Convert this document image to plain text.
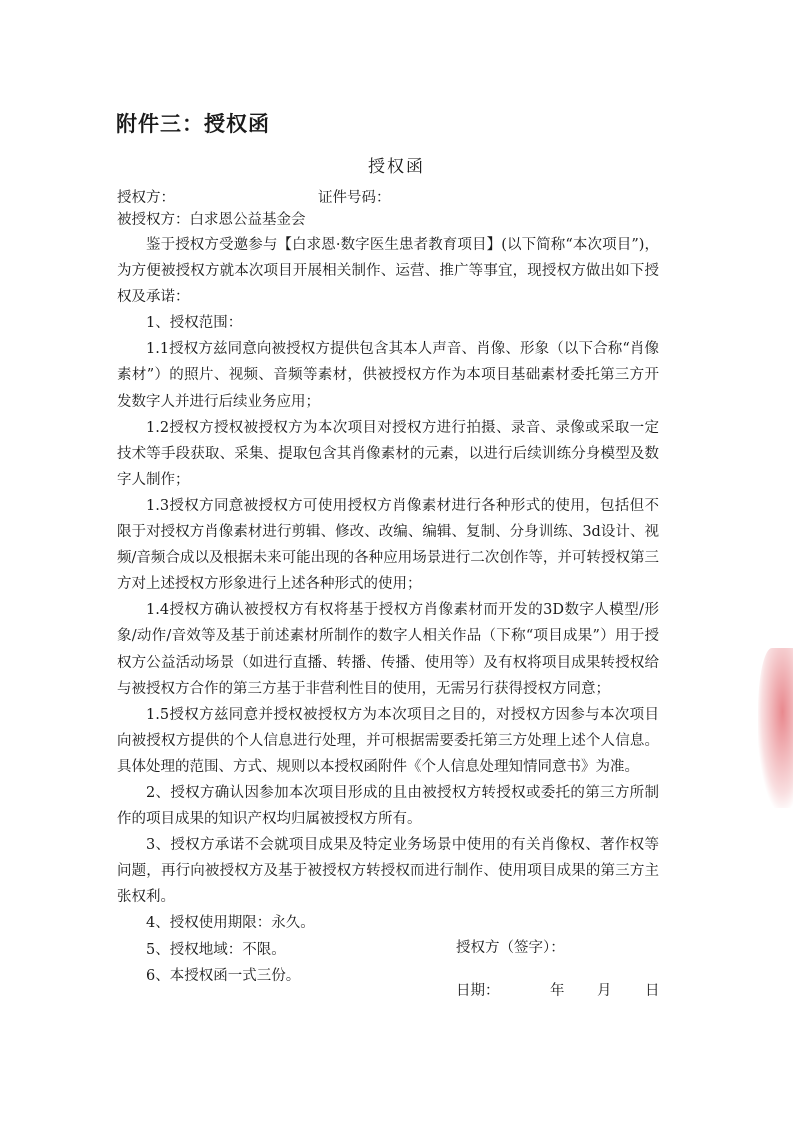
附件三：授权函
授权函
授权方：	证件号码：
被授权方：白求恩公益基金会

鉴于授权方受邀参与【白求恩·数字医生患者教育项目】(以下简称“本次项目”)，为方便被授权方就本次项目开展相关制作、运营、推广等事宜，现授权方做出如下授权及承诺：

1、授权范围：

1.1授权方兹同意向被授权方提供包含其本人声音、肖像、形象（以下合称“肖像素材”）的照片、视频、音频等素材，供被授权方作为本项目基础素材委托第三方开发数字人并进行后续业务应用；

1.2授权方授权被授权方为本次项目对授权方进行拍摄、录音、录像或采取一定技术等手段获取、采集、提取包含其肖像素材的元素，以进行后续训练分身模型及数字人制作；

1.3授权方同意被授权方可使用授权方肖像素材进行各种形式的使用，包括但不限于对授权方肖像素材进行剪辑、修改、改编、编辑、复制、分身训练、3d设计、视频/音频合成以及根据未来可能出现的各种应用场景进行二次创作等，并可转授权第三方对上述授权方形象进行上述各种形式的使用；

1.4授权方确认被授权方有权将基于授权方肖像素材而开发的3D数字人模型/形象/动作/音效等及基于前述素材所制作的数字人相关作品（下称“项目成果”）用于授权方公益活动场景（如进行直播、转播、传播、使用等）及有权将项目成果转授权给与被授权方合作的第三方基于非营利性目的使用，无需另行获得授权方同意；

1.5授权方兹同意并授权被授权方为本次项目之目的，对授权方因参与本次项目向被授权方提供的个人信息进行处理，并可根据需要委托第三方处理上述个人信息。具体处理的范围、方式、规则以本授权函附件《个人信息处理知情同意书》为准。

2、授权方确认因参加本次项目形成的且由被授权方转授权或委托的第三方所制作的项目成果的知识产权均归属被授权方所有。

3、授权方承诺不会就项目成果及特定业务场景中使用的有关肖像权、著作权等问题，再行向被授权方及基于被授权方转授权而进行制作、使用项目成果的第三方主张权利。

4、授权使用期限：永久。

5、授权地域：不限。

6、本授权函一式三份。

授权方（签字）：
日期：	年 月 日
